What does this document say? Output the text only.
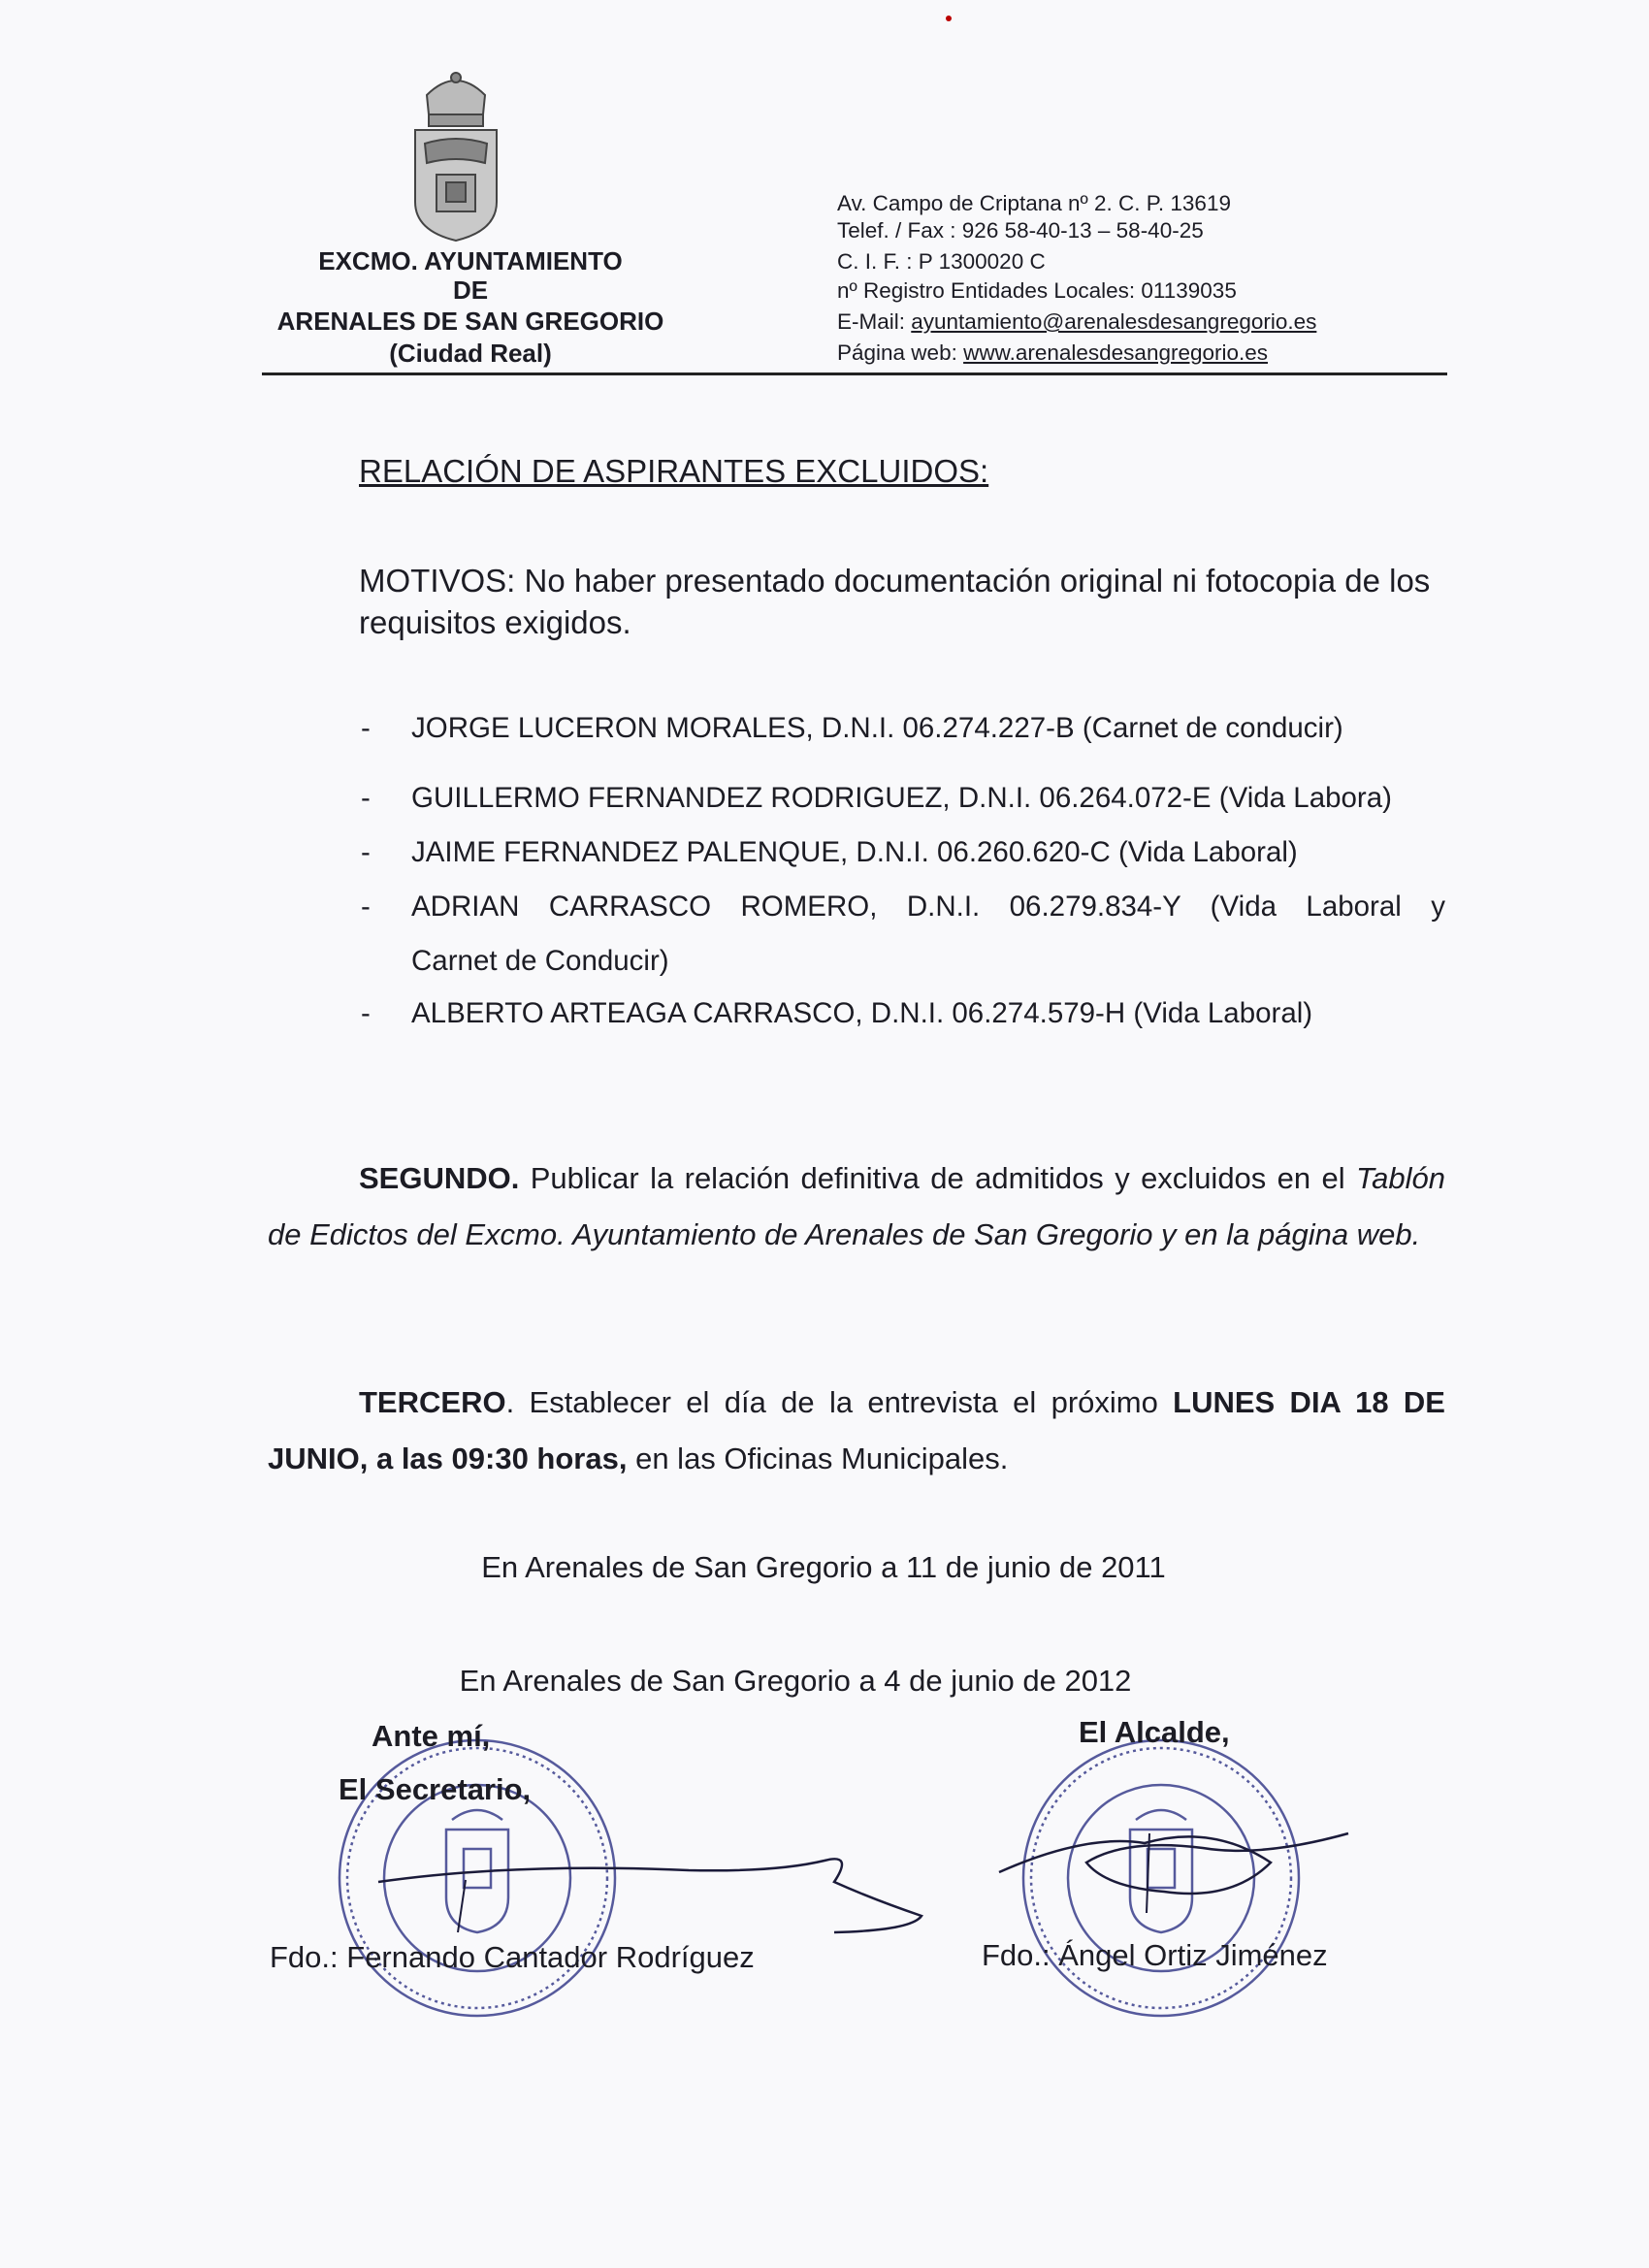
EXCMO. AYUNTAMIENTO
DE
ARENALES DE SAN GREGORIO
(Ciudad Real)
Av. Campo de Criptana nº 2. C. P. 13619
Telef. / Fax : 926 58-40-13 – 58-40-25
C. I. F. : P 1300020 C
nº Registro Entidades Locales: 01139035
E-Mail: ayuntamiento@arenalesdesangregorio.es
Página web: www.arenalesdesangregorio.es
RELACIÓN DE ASPIRANTES EXCLUIDOS:
MOTIVOS: No haber presentado documentación original ni fotocopia de los requisitos exigidos.
- JORGE LUCERON MORALES, D.N.I. 06.274.227-B (Carnet de conducir)
- GUILLERMO FERNANDEZ RODRIGUEZ, D.N.I. 06.264.072-E (Vida Labora)
- JAIME FERNANDEZ PALENQUE, D.N.I. 06.260.620-C (Vida Laboral)
-	ADRIAN CARRASCO ROMERO, D.N.I. 06.279.834-Y (Vida Laboral y
Carnet de Conducir)
- ALBERTO ARTEAGA CARRASCO, D.N.I. 06.274.579-H (Vida Laboral)
SEGUNDO. Publicar la relación definitiva de admitidos y excluidos en el Tablón de Edictos del Excmo. Ayuntamiento de Arenales de San Gregorio y en la página web.
TERCERO. Establecer el día de la entrevista el próximo LUNES DIA 18 DE JUNIO, a las 09:30 horas, en las Oficinas Municipales.
En Arenales de San Gregorio a 11 de junio de 2011
En Arenales de San Gregorio a 4 de junio de 2012
Ante mí,
El Secretario,
Fdo.: Fernando Cantador Rodríguez
El Alcalde,
Fdo.: Ángel Ortiz Jiménez
